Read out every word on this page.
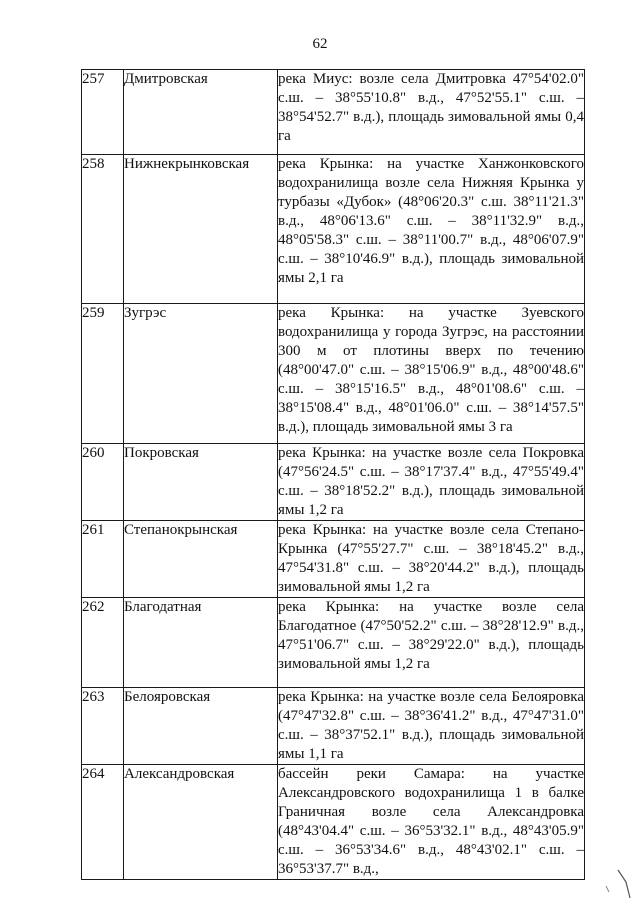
62
257	Дмитровская	река Миус: возле села Дмитровка 47°54'02.0" с.ш. – 38°55'10.8" в.д., 47°52'55.1" с.ш. – 38°54'52.7" в.д.), площадь зимовальной ямы 0,4 га
258	Нижнекрынковская	река Крынка: на участке Ханжонковского водохранилища возле села Нижняя Крынка у турбазы «Дубок» (48°06'20.3" с.ш. 38°11'21.3" в.д., 48°06'13.6" с.ш. – 38°11'32.9" в.д., 48°05'58.3" с.ш. – 38°11'00.7" в.д., 48°06'07.9" с.ш. – 38°10'46.9" в.д.), площадь зимовальной ямы 2,1 га
259	Зугрэс	река Крынка: на участке Зуевского водохранилища у города Зугрэс, на расстоянии 300 м от плотины вверх по течению (48°00'47.0" с.ш. – 38°15'06.9" в.д., 48°00'48.6" с.ш. – 38°15'16.5" в.д., 48°01'08.6" с.ш. – 38°15'08.4" в.д., 48°01'06.0" с.ш. – 38°14'57.5" в.д.), площадь зимовальной ямы 3 га
260	Покровская	река Крынка: на участке возле села Покровка (47°56'24.5" с.ш. – 38°17'37.4" в.д., 47°55'49.4" с.ш. – 38°18'52.2" в.д.), площадь зимовальной ямы 1,2 га
261	Степанокрынская	река Крынка: на участке возле села Степано-Крынка (47°55'27.7" с.ш. – 38°18'45.2" в.д., 47°54'31.8" с.ш. – 38°20'44.2" в.д.), площадь зимовальной ямы 1,2 га
262	Благодатная	река Крынка: на участке возле села Благодатное (47°50'52.2" с.ш. – 38°28'12.9" в.д., 47°51'06.7" с.ш. – 38°29'22.0" в.д.), площадь зимовальной ямы 1,2 га
263	Белояровская	река Крынка: на участке возле села Белояровка (47°47'32.8" с.ш. – 38°36'41.2" в.д., 47°47'31.0" с.ш. – 38°37'52.1" в.д.), площадь зимовальной ямы 1,1 га
264	Александровская	бассейн реки Самара: на участке Александровского водохранилища 1 в балке Граничная возле села Александровка (48°43'04.4" с.ш. – 36°53'32.1" в.д., 48°43'05.9" с.ш. – 36°53'34.6" в.д., 48°43'02.1" с.ш. – 36°53'37.7" в.д.,
